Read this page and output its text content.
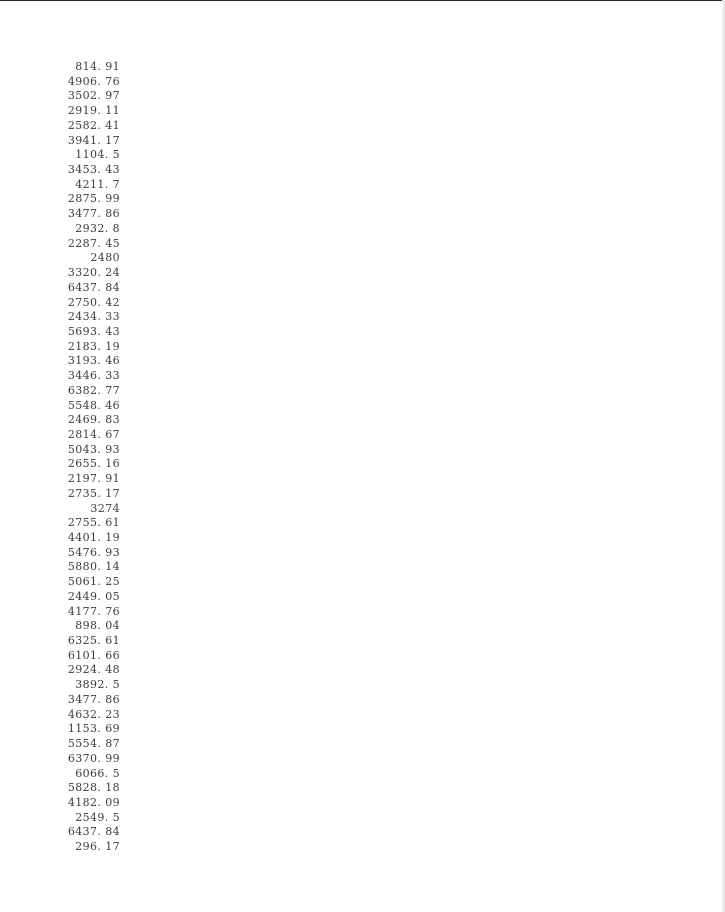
814. 91
4906. 76
3502. 97
2919. 11
2582. 41
3941. 17
1104. 5
3453. 43
4211. 7
2875. 99
3477. 86
2932. 8
2287. 45
2480
3320. 24
6437. 84
2750. 42
2434. 33
5693. 43
2183. 19
3193. 46
3446. 33
6382. 77
5548. 46
2469. 83
2814. 67
5043. 93
2655. 16
2197. 91
2735. 17
3274
2755. 61
4401. 19
5476. 93
5880. 14
5061. 25
2449. 05
4177. 76
898. 04
6325. 61
6101. 66
2924. 48
3892. 5
3477. 86
4632. 23
1153. 69
5554. 87
6370. 99
6066. 5
5828. 18
4182. 09
2549. 5
6437. 84
296. 17
